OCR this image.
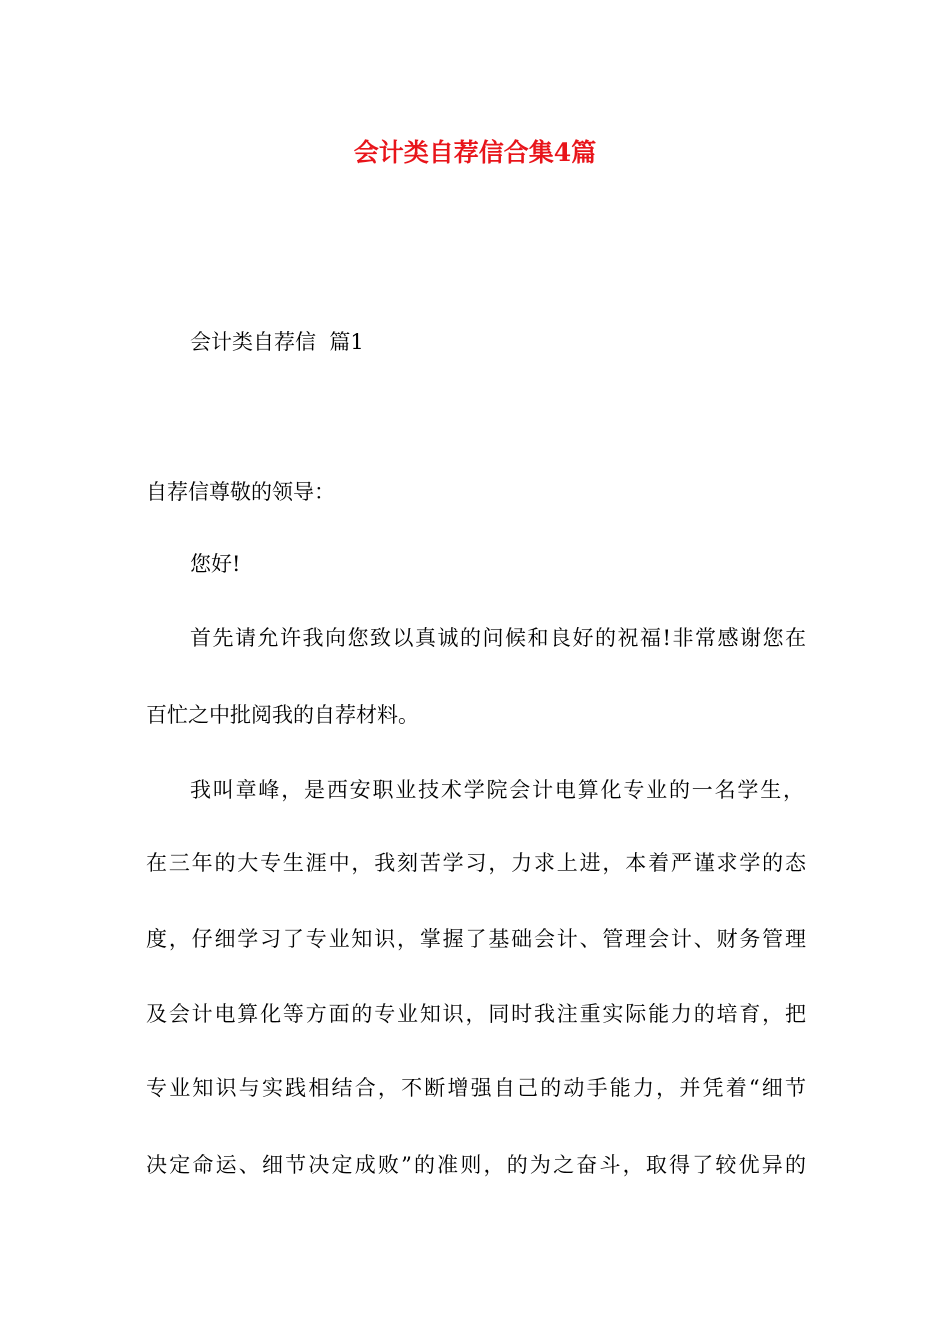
会计类自荐信合集4篇
会计类自荐信  篇1
自荐信尊敬的领导：
您好!
首先请允许我向您致以真诚的问候和良好的祝福!非常感谢您在
百忙之中批阅我的自荐材料。
我叫章峰，是西安职业技术学院会计电算化专业的一名学生，
在三年的大专生涯中，我刻苦学习，力求上进，本着严谨求学的态
度，仔细学习了专业知识，掌握了基础会计、管理会计、财务管理
及会计电算化等方面的专业知识，同时我注重实际能力的培育，把
专业知识与实践相结合，不断增强自己的动手能力，并凭着“细节
决定命运、细节决定成败”的准则，的为之奋斗，取得了较优异的
